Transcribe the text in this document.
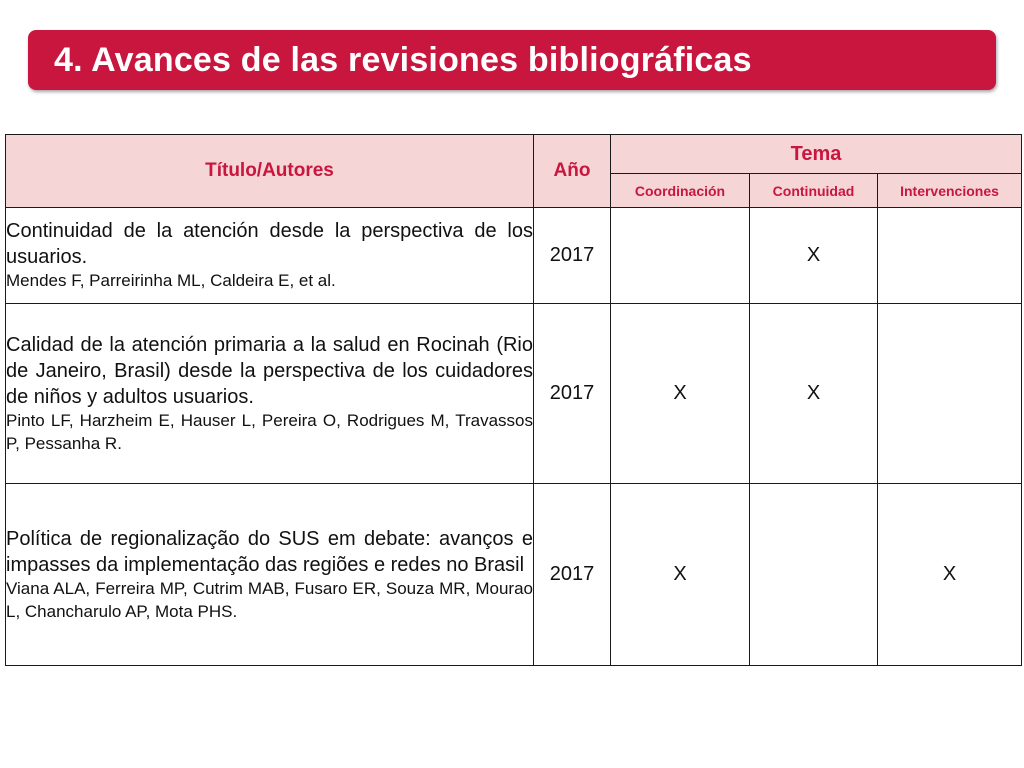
4. Avances de las revisiones bibliográficas
Título/Autores	Año	Tema		
		Coordinación	Continuidad	Intervenciones

Continuidad de la atención desde la perspectiva de los usuarios.
Mendes F, Parreirinha ML, Caldeira E, et al.	2017		X	

Calidad de la atención primaria a la salud en Rocinah (Rio de Janeiro, Brasil) desde la perspectiva de los cuidadores de niños y adultos usuarios.
Pinto LF, Harzheim E, Hauser L, Pereira O, Rodrigues M, Travassos P, Pessanha R.	2017	X	X	

Política de regionalização do SUS em debate: avanços e impasses da implementação das regiões e redes no Brasil
Viana ALA, Ferreira MP, Cutrim MAB, Fusaro ER, Souza MR, Mourao L, Chancharulo AP, Mota PHS.	2017	X		X
